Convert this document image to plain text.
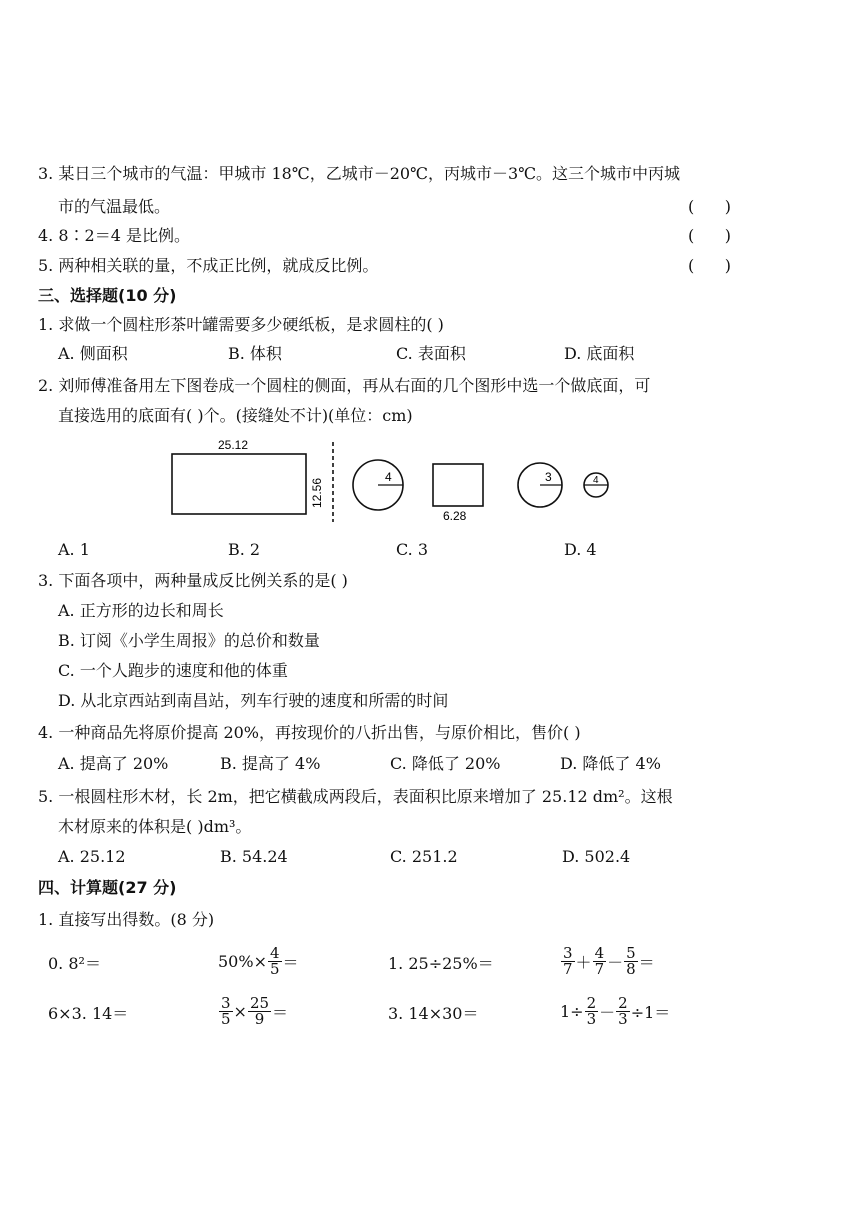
3. 某日三个城市的气温：甲城市 18℃，乙城市－20℃，丙城市－3℃。这三个城市中丙城
市的气温最低。	(      )
4. 8∶2＝4 是比例。	(      )
5. 两种相关联的量，不成正比例，就成反比例。	(      )
三、选择题(10 分)
1. 求做一个圆柱形茶叶罐需要多少硬纸板，是求圆柱的( )
A. 侧面积	B. 体积	C. 表面积	D. 底面积
2. 刘师傅准备用左下图卷成一个圆柱的侧面，再从右面的几个图形中选一个做底面，可
直接选用的底面有( )个。(接缝处不计)(单位：cm)
25.12
12.56
4
6.28
3	4
A. 1	B. 2	C. 3	D. 4
3. 下面各项中，两种量成反比例关系的是( )
A. 正方形的边长和周长
B. 订阅《小学生周报》的总价和数量
C. 一个人跑步的速度和他的体重
D. 从北京西站到南昌站，列车行驶的速度和所需的时间
4. 一种商品先将原价提高 20%，再按现价的八折出售，与原价相比，售价( )
A. 提高了 20%	B. 提高了 4%	C. 降低了 20%	D. 降低了 4%
5. 一根圆柱形木材，长 2m，把它横截成两段后，表面积比原来增加了 25.12 dm²。这根
木材原来的体积是( )dm³。
A. 25.12	B. 54.24	C. 251.2	D. 502.4
四、计算题(27 分)
1. 直接写出得数。(8 分)
0. 8²＝	$50\%\times \frac{4}{5}$ ＝	1. 25÷25%＝	$\frac{3}{7} + \frac{4}{7} - \frac{5}{8}$ ＝
6×3. 14＝	$\frac{3}{5} \times \frac{25}{9}$ ＝	3. 14×30＝	$1\div \frac{2}{3} - \frac{2}{3} \div 1=$
